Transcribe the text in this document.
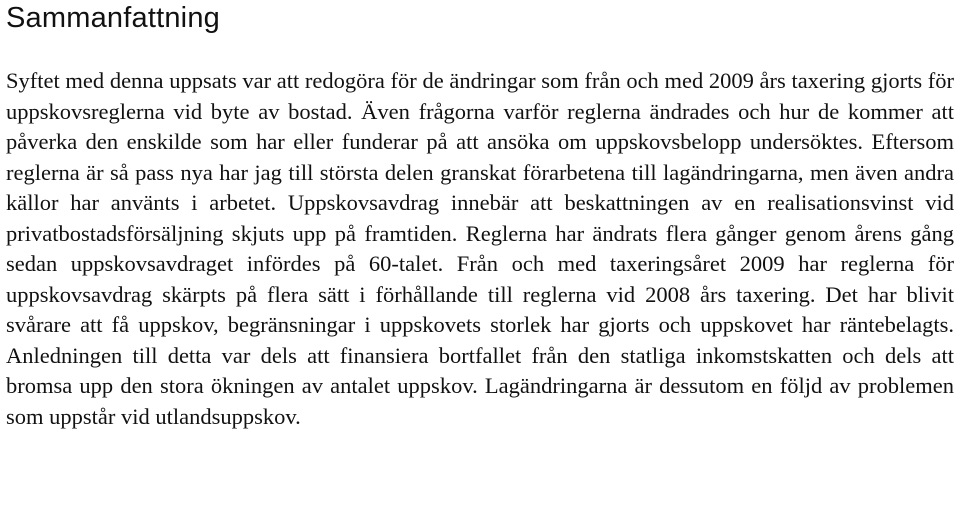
Sammanfattning

Syftet med denna uppsats var att redogöra för de ändringar som från och med 2009 års taxering gjorts för uppskovsreglerna vid byte av bostad. Även frågorna varför reglerna ändrades och hur de kommer att påverka den enskilde som har eller funderar på att ansöka om uppskovsbelopp undersöktes. Eftersom reglerna är så pass nya har jag till största delen granskat förarbetena till lagändringarna, men även andra källor har använts i arbetet. Uppskovsavdrag innebär att beskattningen av en realisationsvinst vid privatbostadsförsäljning skjuts upp på framtiden. Reglerna har ändrats flera gånger genom årens gång sedan uppskovsavdraget infördes på 60-talet. Från och med taxeringsåret 2009 har reglerna för uppskovsavdrag skärpts på flera sätt i förhållande till reglerna vid 2008 års taxering. Det har blivit svårare att få uppskov, begränsningar i uppskovets storlek har gjorts och uppskovet har räntebelagts. Anledningen till detta var dels att finansiera bortfallet från den statliga inkomstskatten och dels att bromsa upp den stora ökningen av antalet uppskov. Lagändringarna är dessutom en följd av problemen som uppstår vid utlandsuppskov.
